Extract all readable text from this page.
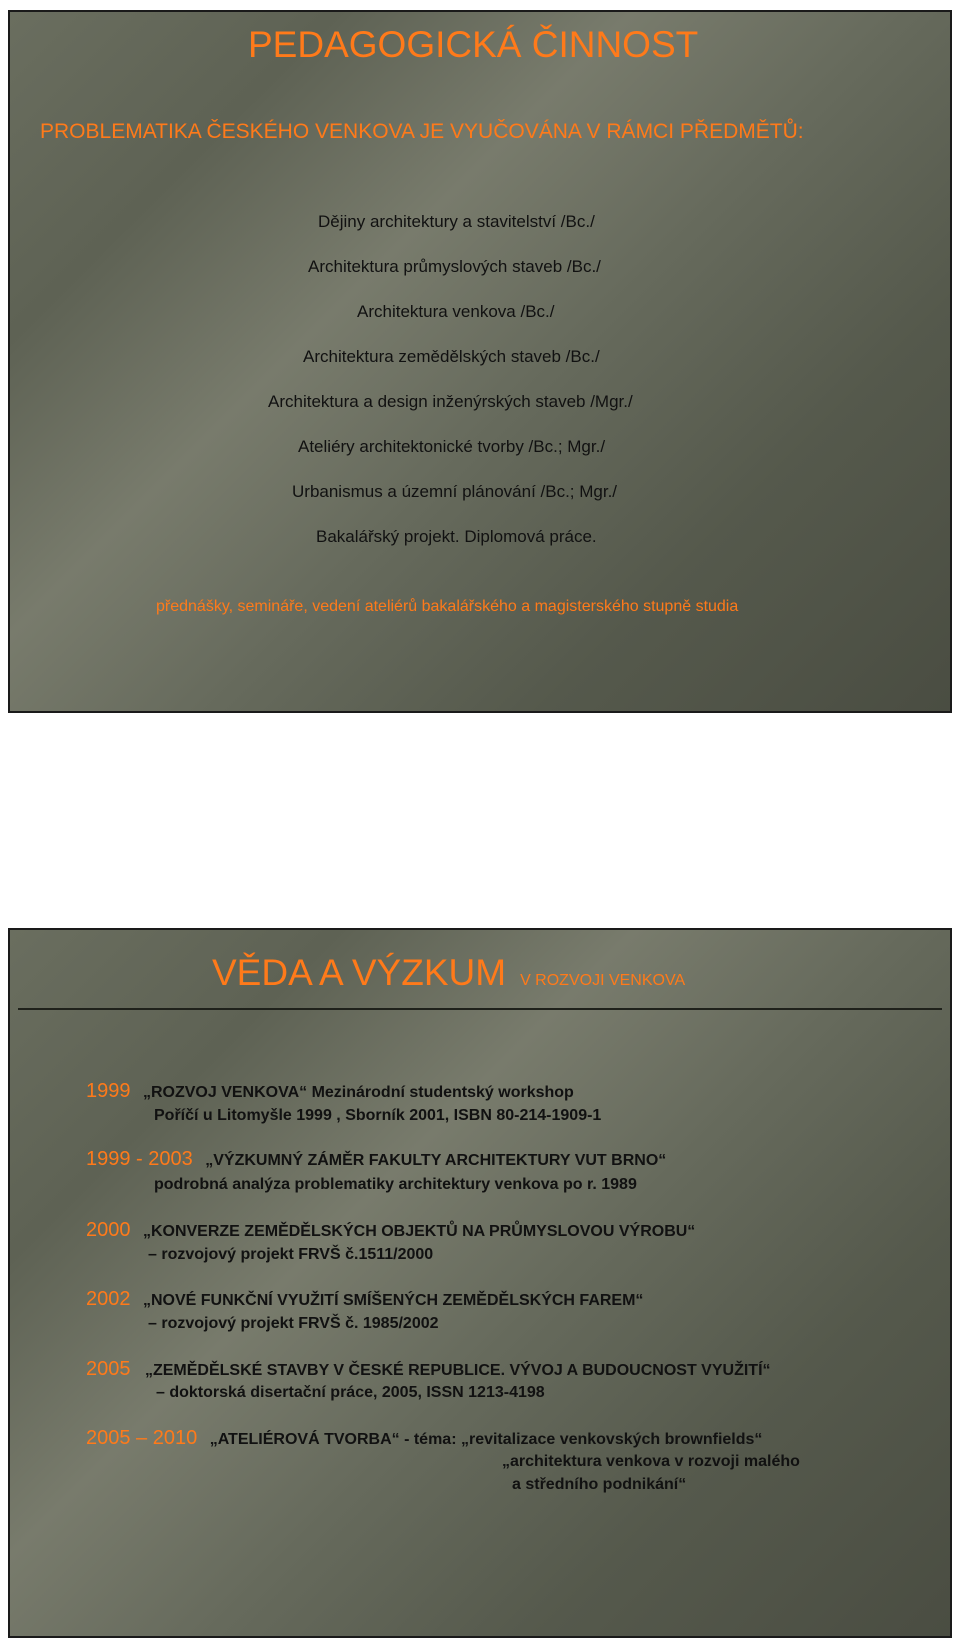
PEDAGOGICKÁ ČINNOST
PROBLEMATIKA ČESKÉHO VENKOVA JE VYUČOVÁNA V RÁMCI PŘEDMĚTŮ:
Dějiny architektury a stavitelství /Bc./
Architektura průmyslových staveb /Bc./
Architektura venkova /Bc./
Architektura zemědělských staveb /Bc./
Architektura a design inženýrských staveb /Mgr./
Ateliéry architektonické tvorby /Bc.; Mgr./
Urbanismus a územní plánování /Bc.; Mgr./
Bakalářský projekt. Diplomová práce.
přednášky, semináře, vedení ateliérů bakalářského a magisterského stupně studia
VĚDA A VÝZKUM V ROZVOJI VENKOVA
1999 „ROZVOJ VENKOVA“ Mezinárodní studentský workshop
Poříčí u Litomyšle 1999 , Sborník 2001, ISBN 80-214-1909-1
1999 - 2003 „VÝZKUMNÝ ZÁMĚR FAKULTY ARCHITEKTURY VUT BRNO“
podrobná analýza problematiky architektury venkova po r. 1989
2000 „KONVERZE ZEMĚDĚLSKÝCH OBJEKTŮ NA PRŮMYSLOVOU VÝROBU“
– rozvojový projekt FRVŠ č.1511/2000
2002 „NOVÉ FUNKČNÍ VYUŽITÍ SMÍŠENÝCH ZEMĚDĚLSKÝCH FAREM“
– rozvojový projekt FRVŠ č. 1985/2002
2005 „ZEMĚDĚLSKÉ STAVBY V ČESKÉ REPUBLICE. VÝVOJ A BUDOUCNOST VYUŽITÍ“
– doktorská disertační práce, 2005, ISSN 1213-4198
2005 – 2010 „ATELIÉROVÁ TVORBA“ - téma: „revitalizace venkovských brownfields“
„architektura venkova v rozvoji malého
a středního podnikání“
